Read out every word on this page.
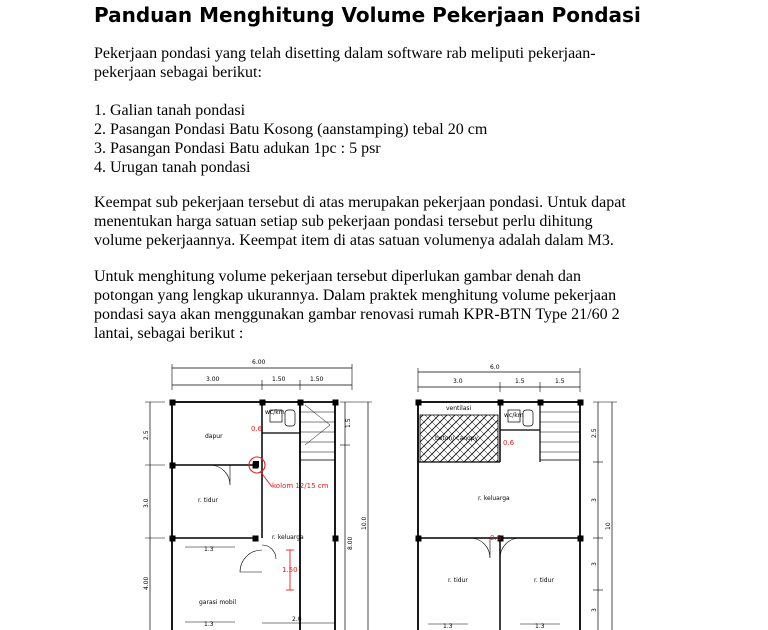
Panduan Menghitung Volume Pekerjaan Pondasi
Pekerjaan pondasi yang telah disetting dalam software rab meliputi pekerjaan-
pekerjaan sebagai berikut:
1. Galian tanah pondasi
2. Pasangan Pondasi Batu Kosong (aanstamping) tebal 20 cm
3. Pasangan Pondasi Batu adukan 1pc : 5 psr
4. Urugan tanah pondasi
Keempat sub pekerjaan tersebut di atas merupakan pekerjaan pondasi. Untuk dapat
menentukan harga satuan setiap sub pekerjaan pondasi tersebut perlu dihitung
volume pekerjaannya. Keempat item di atas satuan volumenya adalah dalam M3.
Untuk menghitung volume pekerjaan tersebut diperlukan gambar denah dan
potongan yang lengkap ukurannya. Dalam praktek menghitung volume pekerjaan
pondasi saya akan menggunakan gambar renovasi rumah KPR-BTN Type 21/60 2
lantai, sebagai berikut :
3.00	1.50	1.50
6.00
2.5
3.0
4.00
8.00
10.0
1.5
2.0
1.3
1.3
wc/km
dapur
r. tidur
r. keluarga
garasi mobil
0.6
kolom 12/15 cm
1.50
6.0
3.0	1.5	1.5
2.5
3
10
3
3
1.3	1.3
ventilasi
wc/km
beton/ canopy
r. keluarga
r. tidur	r. tidur
0.6
0.6
